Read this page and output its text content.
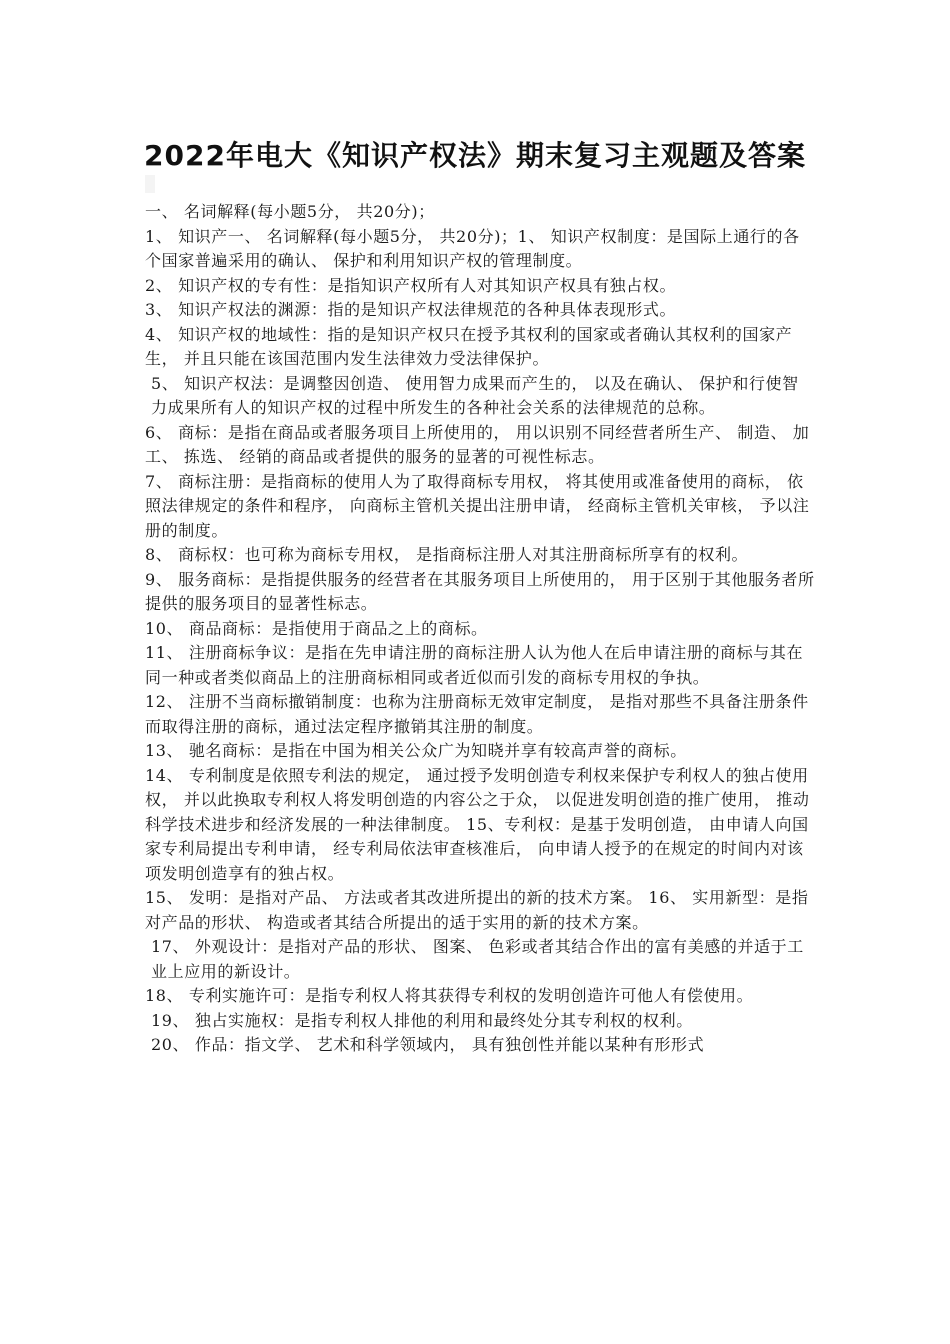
2022年电大《知识产权法》期末复习主观题及答案

一、 名词解释(每小题5分， 共20分)；

1、 知识产一、 名词解释(每小题5分， 共20分)；1、 知识产权制度：是国际上通行的各个国家普遍采用的确认、 保护和利用知识产权的管理制度。

2、 知识产权的专有性：是指知识产权所有人对其知识产权具有独占权。

3、 知识产权法的渊源：指的是知识产权法律规范的各种具体表现形式。

4、 知识产权的地域性：指的是知识产权只在授予其权利的国家或者确认其权利的国家产生， 并且只能在该国范围内发生法律效力受法律保护。

5、 知识产权法：是调整因创造、 使用智力成果而产生的， 以及在确认、 保护和行使智力成果所有人的知识产权的过程中所发生的各种社会关系的法律规范的总称。

6、 商标：是指在商品或者服务项目上所使用的， 用以识别不同经营者所生产、 制造、 加工、 拣选、 经销的商品或者提供的服务的显著的可视性标志。

7、 商标注册：是指商标的使用人为了取得商标专用权， 将其使用或准备使用的商标， 依照法律规定的条件和程序， 向商标主管机关提出注册申请， 经商标主管机关审核， 予以注册的制度。

8、 商标权：也可称为商标专用权， 是指商标注册人对其注册商标所享有的权利。

9、 服务商标：是指提供服务的经营者在其服务项目上所使用的， 用于区别于其他服务者所提供的服务项目的显著性标志。

10、 商品商标：是指使用于商品之上的商标。

11、 注册商标争议：是指在先申请注册的商标注册人认为他人在后申请注册的商标与其在同一种或者类似商品上的注册商标相同或者近似而引发的商标专用权的争执。

12、 注册不当商标撤销制度：也称为注册商标无效审定制度， 是指对那些不具备注册条件而取得注册的商标，通过法定程序撤销其注册的制度。

13、 驰名商标：是指在中国为相关公众广为知晓并享有较高声誉的商标。

14、 专利制度是依照专利法的规定， 通过授予发明创造专利权来保护专利权人的独占使用权， 并以此换取专利权人将发明创造的内容公之于众， 以促进发明创造的推广使用， 推动科学技术进步和经济发展的一种法律制度。 15、专利权：是基于发明创造， 由申请人向国家专利局提出专利申请， 经专利局依法审查核准后， 向申请人授予的在规定的时间内对该项发明创造享有的独占权。

15、 发明：是指对产品、 方法或者其改进所提出的新的技术方案。 16、 实用新型：是指对产品的形状、 构造或者其结合所提出的适于实用的新的技术方案。

17、 外观设计：是指对产品的形状、 图案、 色彩或者其结合作出的富有美感的并适于工业上应用的新设计。

18、 专利实施许可：是指专利权人将其获得专利权的发明创造许可他人有偿使用。

19、 独占实施权：是指专利权人排他的利用和最终处分其专利权的权利。

20、 作品：指文学、 艺术和科学领域内， 具有独创性并能以某种有形形式
